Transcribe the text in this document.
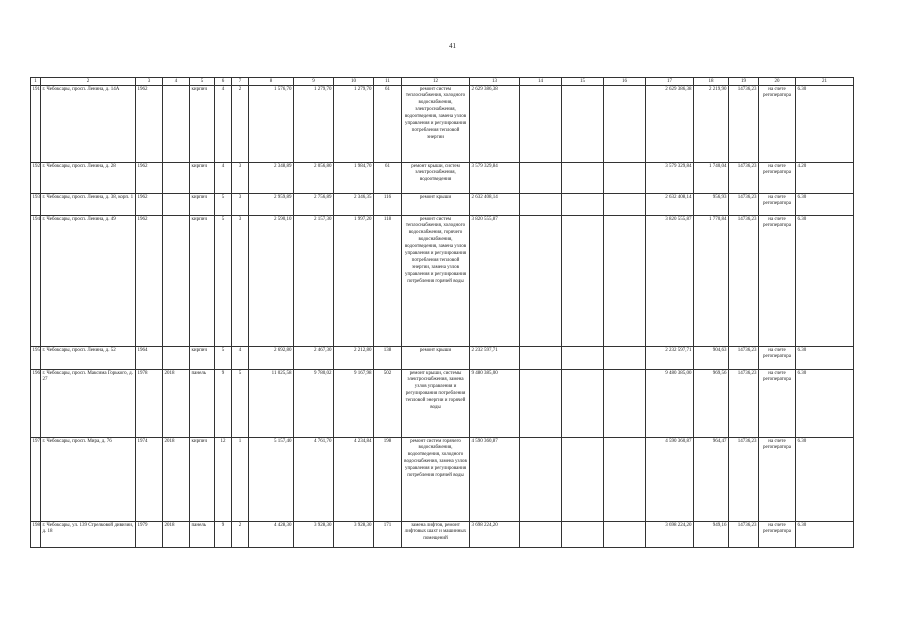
41
1	2	3	4	5	6	7	8	9	10	11	12	13	14	15	16	17	18	19	20	21
191	г. Чебоксары, просп. Ленина, д. 14А	1962		кирпич	4	2	1 576,70	1 279,70	1 279,70	61	ремонт систем теплоснабжения, холодного водоснабжения, электроснабжения, водоотведения, замена узлов управления и регулирования потребления тепловой энергии	2 629 386,38				2 629 386,38	2 219,90	14736,23	на счете регоператора	6.30
192	г. Чебоксары, просп. Ленина, д. 28	1962		кирпич	4	3	2 348,89	2 056,80	1 984,70	61	ремонт крыши, систем электроснабжения, водоотведения	3 579 329,84				3 579 329,84	1 740,04	14736,23	на счете регоператора	4.20
193	г. Чебоксары, просп. Ленина, д. 38, корп. 1	1962		кирпич	5	3	2 959,89	2 756,89	2 346,35	116	ремонт крыши	2 632 408,14				2 632 408,14	956,93	14736,23	на счете регоператора	6.30
194	г. Чебоксары, просп. Ленина, д. 49	1962		кирпич	5	3	2 590,10	2 157,30	1 997,20	118	ремонт систем теплоснабжения, холодного водоснабжения, горячего водоснабжения, водоотведения, замена узлов управления и регулирования потребления тепловой энергии, замена узлов управления и регулирования потребления горячей воды	3 820 555,87				3 820 555,87	1 770,84	14736,23	на счете регоператора	6.30
195	г. Чебоксары, просп. Ленина, д. 52	1964		кирпич	5	4	2 692,80	2 467,30	2 212,80	138	ремонт крыши	2 232 597,71				2 232 597,71	904,63	14736,23	на счете регоператора	6.30
196	г. Чебоксары, просп. Максима Горького, д. 27	1978	2018	панель	9	5	11 025,58	9 780,02	9 167,98	502	ремонт крыши, системы электроснабжения, замена узлов управления и регулирования потребления тепловой энергии и горячей воды	9 480 385,00				9 480 385,00	969,56	14736,23	на счете регоператора	6.30
197	г. Чебоксары, просп. Мира, д. 76	1974	2018	кирпич	12	1	5 157,40	4 761,70	4 234,84	198	ремонт систем горячего водоснабжения, водоотведения, холодного водоснабжения, замена узлов управления и регулирования потребления горячей воды	4 590 360,87				4 590 360,87	964,47	14736,23	на счете регоператора	6.30
198	г. Чебоксары, ул. 139 Стрелковой дивизии, д. 18	1979	2018	панель	9	2	4 428,30	3 928,30	3 928,30	171	замена лифтов, ремонт лифтовых шахт и машинных помещений	3 698 224,20				3 698 224,20	949,16	14736,23	на счете регоператора	6.30
